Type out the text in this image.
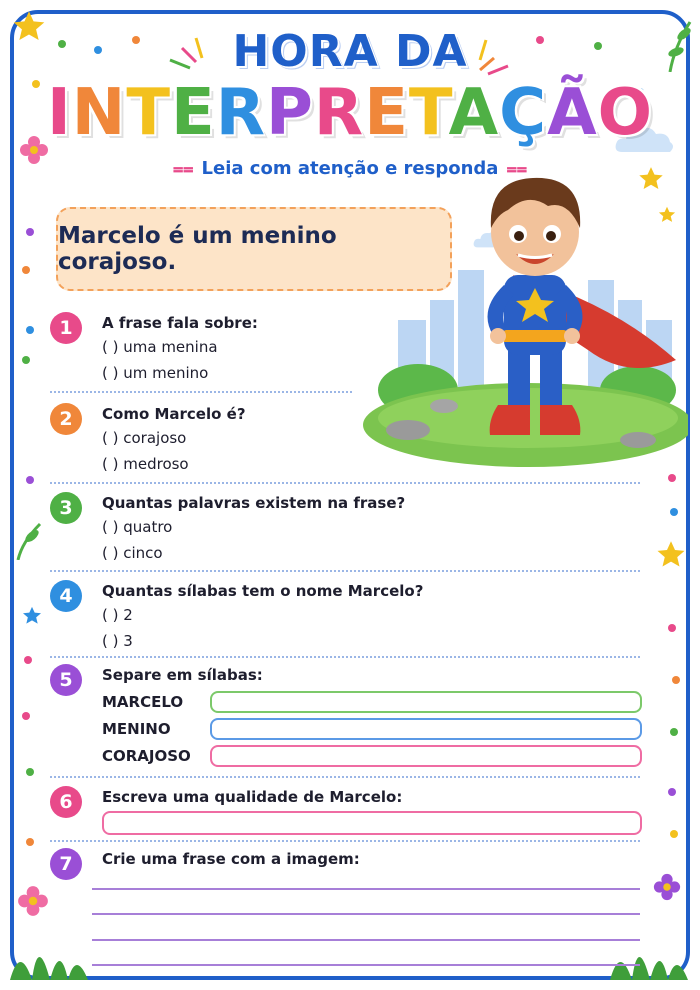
HORA DA
INTERPRETAÇÃO
⩵ Leia com atenção e responda ⩵
Marcelo é um menino corajoso.
1	A frase fala sobre:
( ) uma menina
( ) um menino
2	Como Marcelo é?
( ) corajoso
( ) medroso
3	Quantas palavras existem na frase?
( ) quatro
( ) cinco
4	Quantas sílabas tem o nome Marcelo?
( ) 2
( ) 3
5	Separe em sílabas:
MARCELO
MENINO
CORAJOSO
6	Escreva uma qualidade de Marcelo:
7	Crie uma frase com a imagem:
